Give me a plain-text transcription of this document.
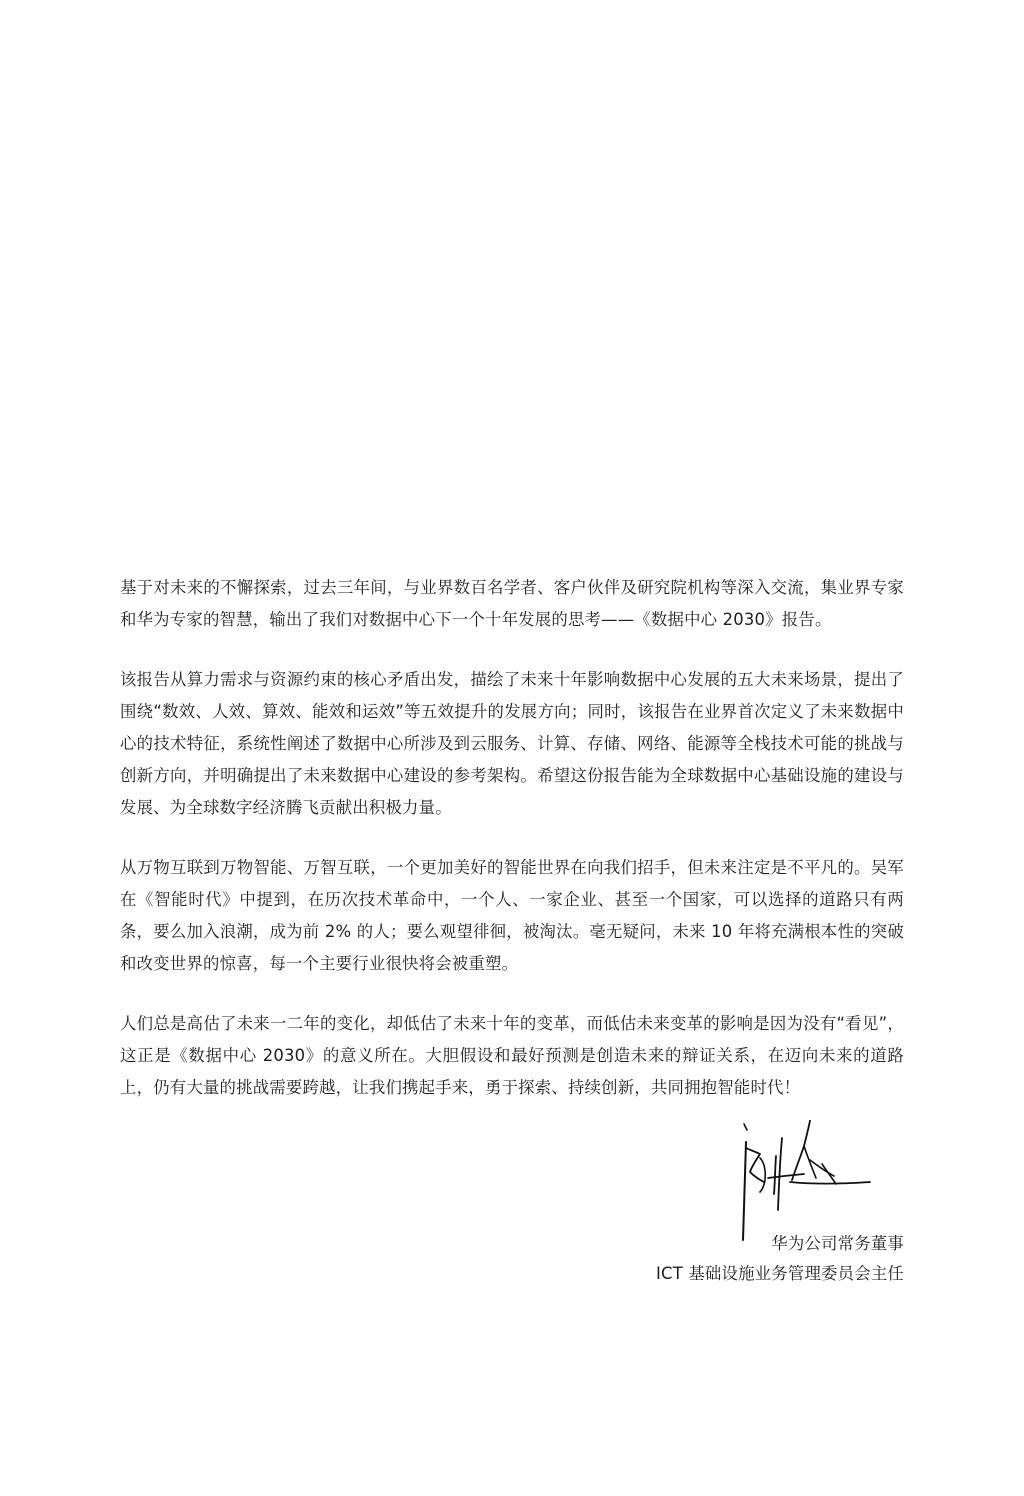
基于对未来的不懈探索，过去三年间，与业界数百名学者、客户伙伴及研究院机构等深入交流，集业界专家和华为专家的智慧，输出了我们对数据中心下一个十年发展的思考——《数据中心 2030》报告。

该报告从算力需求与资源约束的核心矛盾出发，描绘了未来十年影响数据中心发展的五大未来场景，提出了围绕“数效、人效、算效、能效和运效”等五效提升的发展方向；同时，该报告在业界首次定义了未来数据中心的技术特征，系统性阐述了数据中心所涉及到云服务、计算、存储、网络、能源等全栈技术可能的挑战与创新方向，并明确提出了未来数据中心建设的参考架构。希望这份报告能为全球数据中心基础设施的建设与发展、为全球数字经济腾飞贡献出积极力量。

从万物互联到万物智能、万智互联，一个更加美好的智能世界在向我们招手，但未来注定是不平凡的。吴军在《智能时代》中提到，在历次技术革命中，一个人、一家企业、甚至一个国家，可以选择的道路只有两条，要么加入浪潮，成为前 2% 的人；要么观望徘徊，被淘汰。毫无疑问，未来 10 年将充满根本性的突破和改变世界的惊喜，每一个主要行业很快将会被重塑。

人们总是高估了未来一二年的变化，却低估了未来十年的变革，而低估未来变革的影响是因为没有“看见”，这正是《数据中心 2030》的意义所在。大胆假设和最好预测是创造未来的辩证关系，在迈向未来的道路上，仍有大量的挑战需要跨越，让我们携起手来，勇于探索、持续创新，共同拥抱智能时代！

华为公司常务董事
ICT 基础设施业务管理委员会主任
